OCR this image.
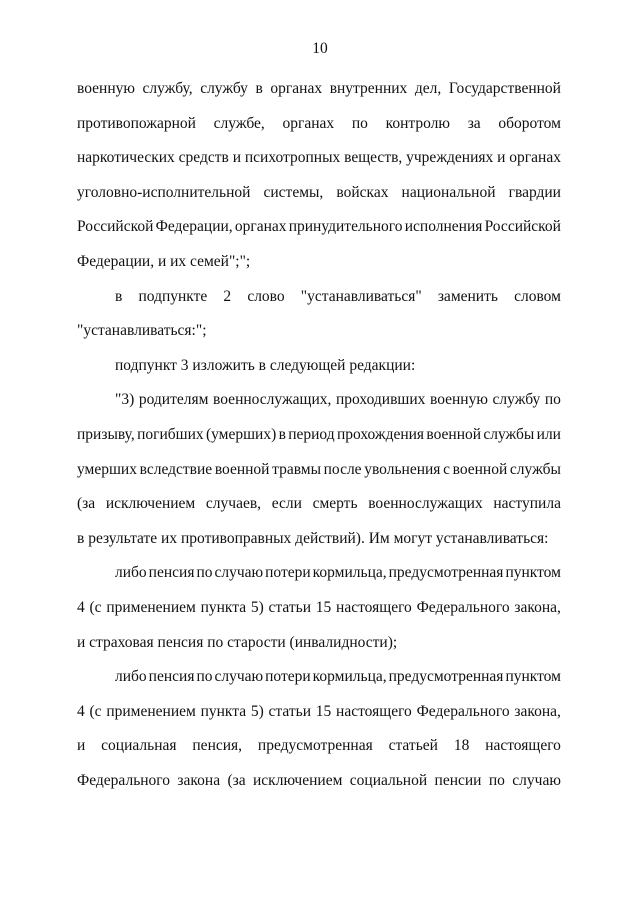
10
военную службу, службу в органах внутренних дел, Государственной
противопожарной службе, органах по контролю за оборотом
наркотических средств и психотропных веществ, учреждениях и органах
уголовно-исполнительной системы, войсках национальной гвардии
Российской Федерации, органах принудительного исполнения Российской
Федерации, и их семей";";
в подпункте 2 слово "устанавливаться" заменить словом
"устанавливаться:";
подпункт 3 изложить в следующей редакции:
"3) родителям военнослужащих, проходивших военную службу по
призыву, погибших (умерших) в период прохождения военной службы или
умерших вследствие военной травмы после увольнения с военной службы
(за исключением случаев, если смерть военнослужащих наступила
в результате их противоправных действий). Им могут устанавливаться:
либо пенсия по случаю потери кормильца, предусмотренная пунктом
4 (с применением пункта 5) статьи 15 настоящего Федерального закона,
и страховая пенсия по старости (инвалидности);
либо пенсия по случаю потери кормильца, предусмотренная пунктом
4 (с применением пункта 5) статьи 15 настоящего Федерального закона,
и социальная пенсия, предусмотренная статьей 18 настоящего
Федерального закона (за исключением социальной пенсии по случаю
